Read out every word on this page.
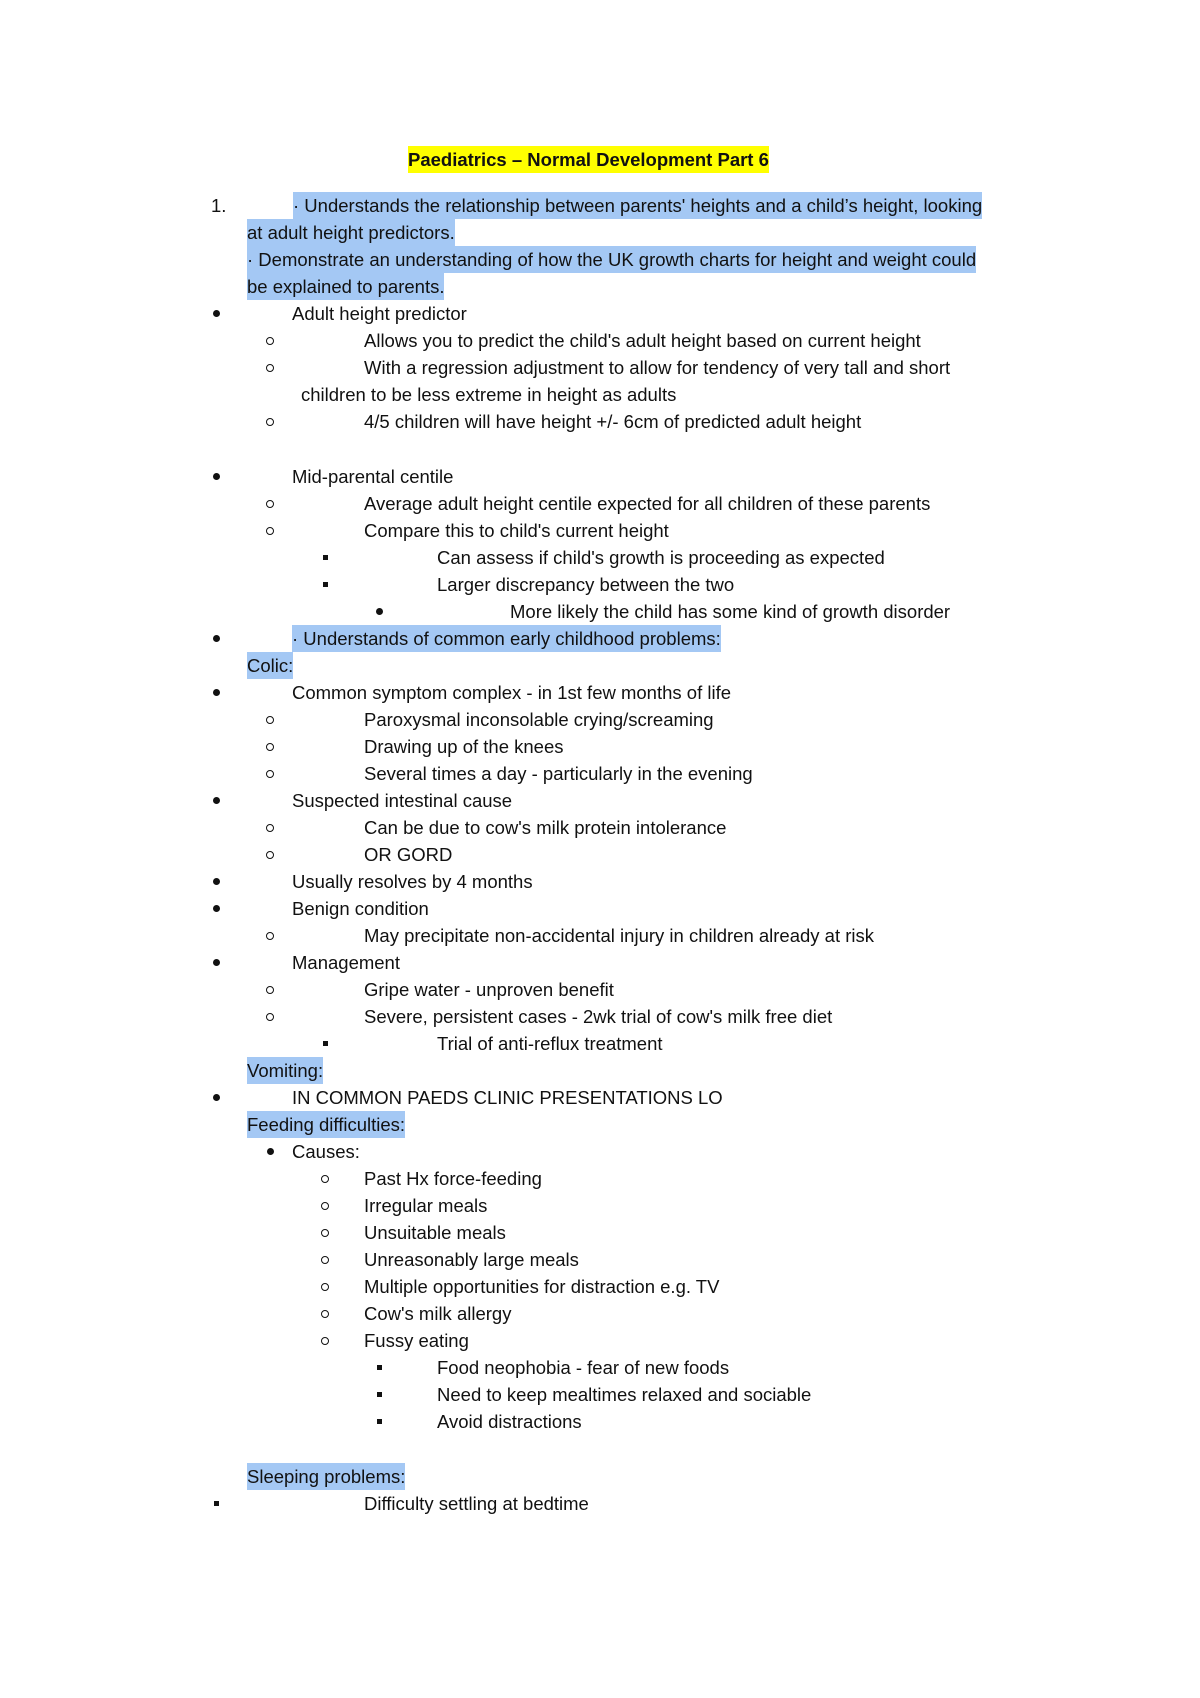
Paediatrics – Normal Development Part 6
1.	· Understands the relationship between parents' heights and a child’s height, looking
at adult height predictors.
· Demonstrate an understanding of how the UK growth charts for height and weight could
be explained to parents.
Adult height predictor
Allows you to predict the child's adult height based on current height
With a regression adjustment to allow for tendency of very tall and short
children to be less extreme in height as adults
4/5 children will have height +/- 6cm of predicted adult height
Mid-parental centile
Average adult height centile expected for all children of these parents
Compare this to child's current height
Can assess if child's growth is proceeding as expected
Larger discrepancy between the two
More likely the child has some kind of growth disorder
· Understands of common early childhood problems:
Colic:
Common symptom complex - in 1st few months of life
Paroxysmal inconsolable crying/screaming
Drawing up of the knees
Several times a day - particularly in the evening
Suspected intestinal cause
Can be due to cow's milk protein intolerance
OR GORD
Usually resolves by 4 months
Benign condition
May precipitate non-accidental injury in children already at risk
Management
Gripe water - unproven benefit
Severe, persistent cases - 2wk trial of cow's milk free diet
Trial of anti-reflux treatment
Vomiting:
IN COMMON PAEDS CLINIC PRESENTATIONS LO
Feeding difficulties:
Causes:
Past Hx force-feeding
Irregular meals
Unsuitable meals
Unreasonably large meals
Multiple opportunities for distraction e.g. TV
Cow's milk allergy
Fussy eating
Food neophobia - fear of new foods
Need to keep mealtimes relaxed and sociable
Avoid distractions
Sleeping problems:
Difficulty settling at bedtime
